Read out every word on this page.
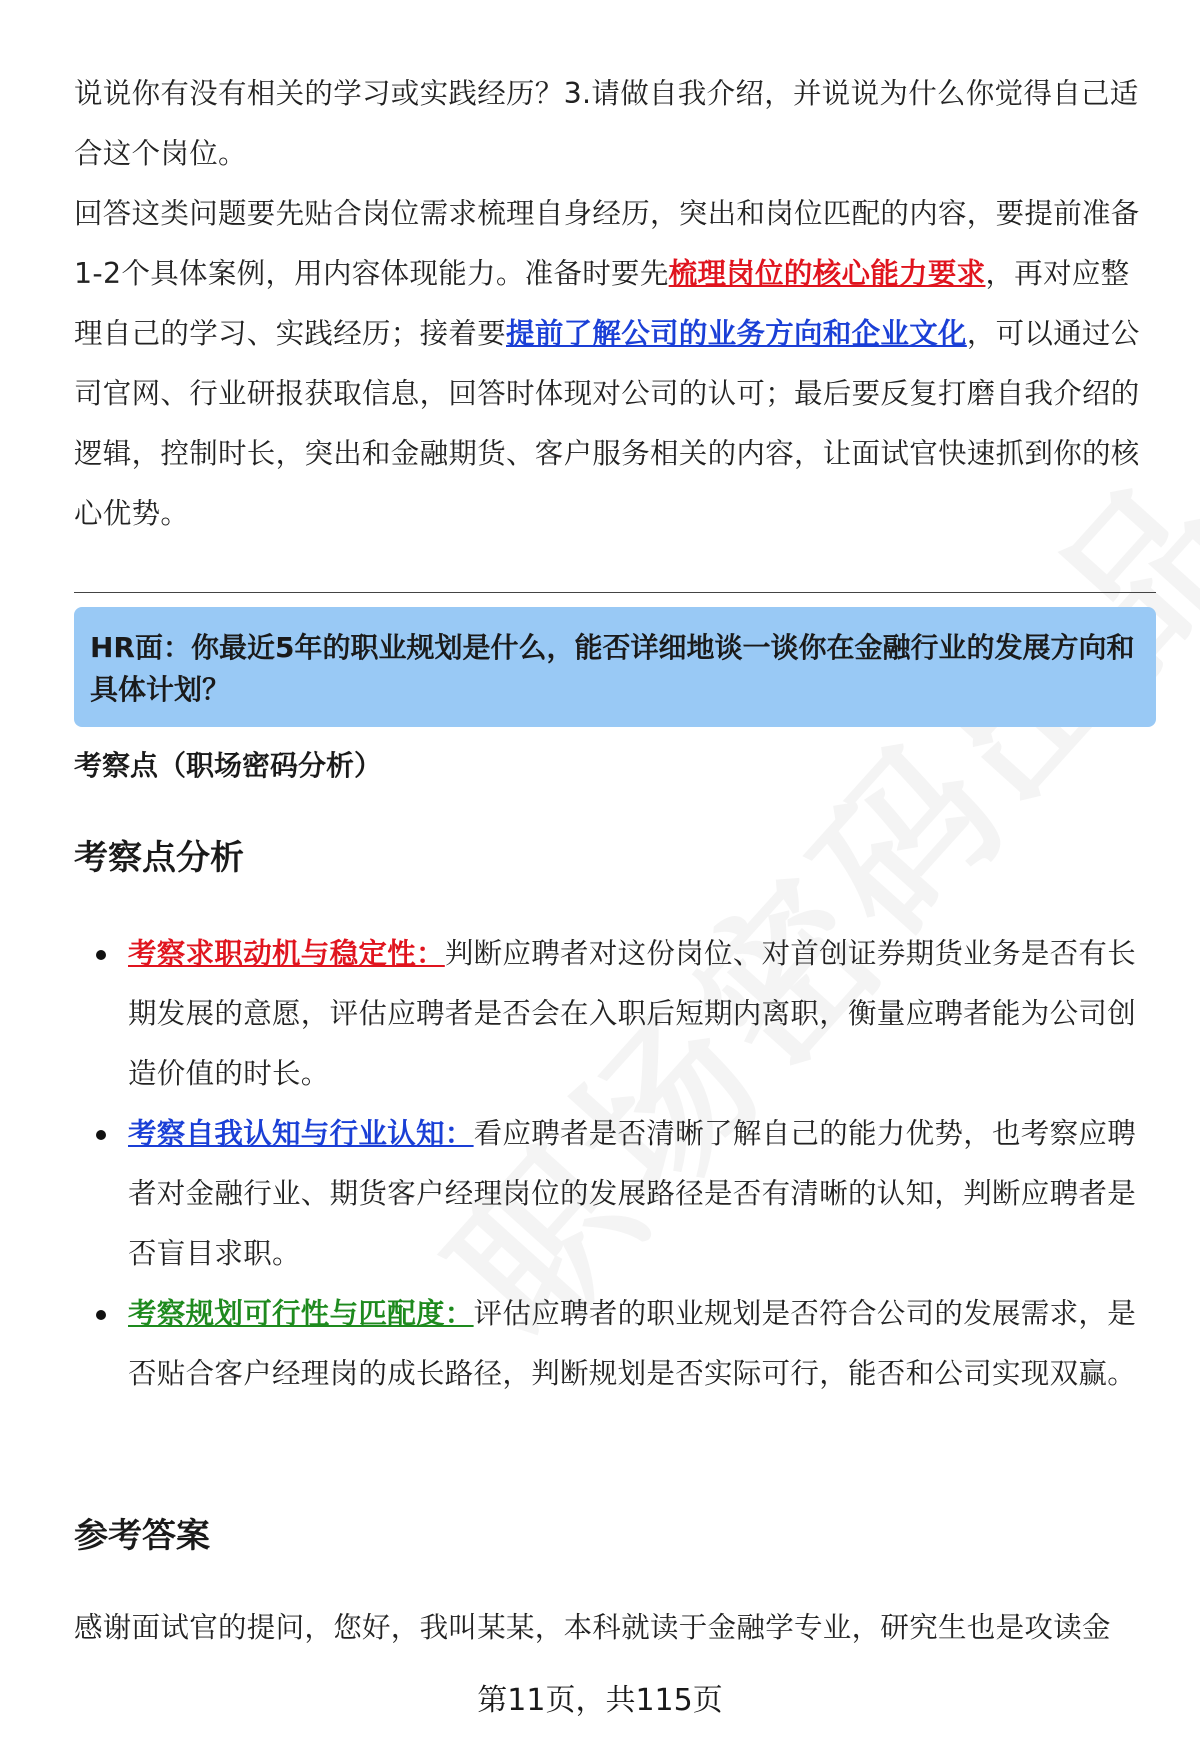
说说你有没有相关的学习或实践经历？3.请做自我介绍，并说说为什么你觉得自己适合这个岗位。

回答这类问题要先贴合岗位需求梳理自身经历，突出和岗位匹配的内容，要提前准备1-2个具体案例，用内容体现能力。准备时要先梳理岗位的核心能力要求，再对应整理自己的学习、实践经历；接着要提前了解公司的业务方向和企业文化，可以通过公司官网、行业研报获取信息，回答时体现对公司的认可；最后要反复打磨自我介绍的逻辑，控制时长，突出和金融期货、客户服务相关的内容，让面试官快速抓到你的核心优势。

HR面：你最近5年的职业规划是什么，能否详细地谈一谈你在金融行业的发展方向和具体计划？
考察点（职场密码分析）
考察点分析
考察求职动机与稳定性：判断应聘者对这份岗位、对首创证券期货业务是否有长期发展的意愿，评估应聘者是否会在入职后短期内离职，衡量应聘者能为公司创造价值的时长。
考察自我认知与行业认知：看应聘者是否清晰了解自己的能力优势，也考察应聘者对金融行业、期货客户经理岗位的发展路径是否有清晰的认知，判断应聘者是否盲目求职。
考察规划可行性与匹配度：评估应聘者的职业规划是否符合公司的发展需求，是否贴合客户经理岗的成长路径，判断规划是否实际可行，能否和公司实现双赢。
参考答案
感谢面试官的提问，您好，我叫某某，本科就读于金融学专业，研究生也是攻读金
第11页，共115页
